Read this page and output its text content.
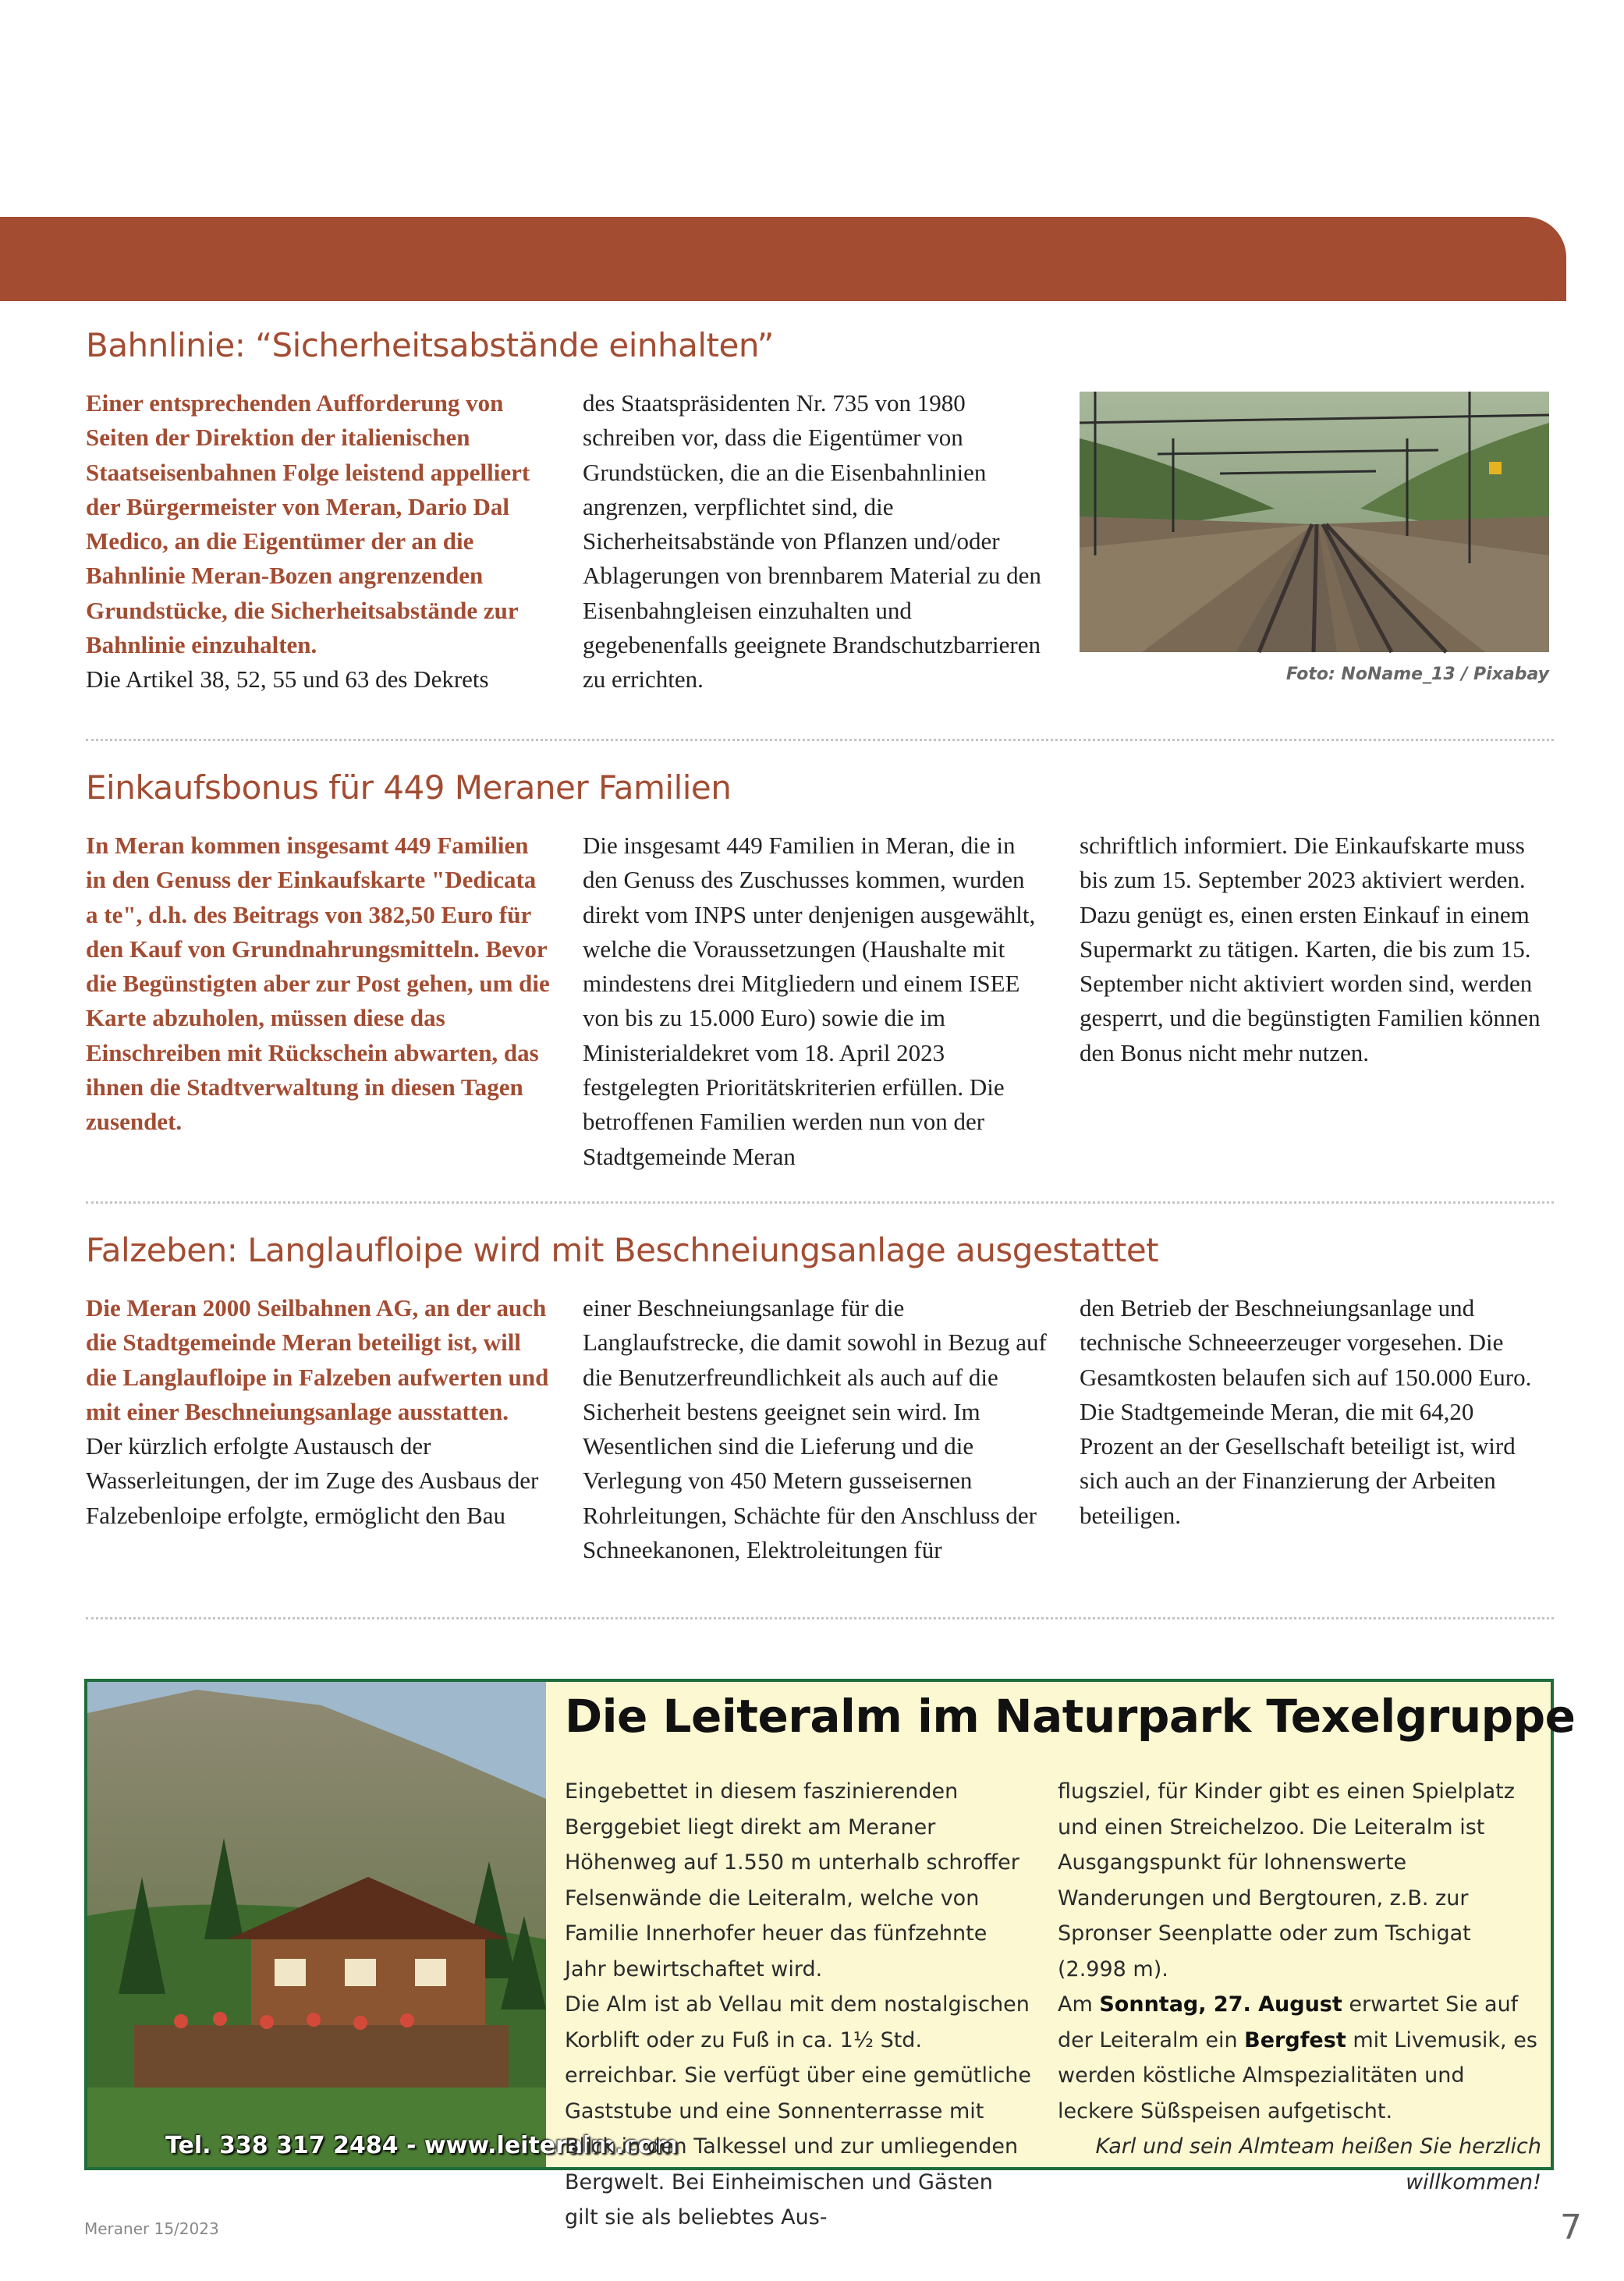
Bahnlinie: “Sicherheitsabstände einhalten”

Einer entsprechenden Aufforderung von Seiten der Direktion der italienischen Staatseisenbahnen Folge leistend appelliert der Bürgermeister von Meran, Dario Dal Medico, an die Eigentümer der an die Bahnlinie Meran-Bozen angrenzenden Grundstücke, die Sicherheitsabstände zur Bahnlinie einzuhalten.
Die Artikel 38, 52, 55 und 63 des Dekrets

des Staatspräsidenten Nr. 735 von 1980 schreiben vor, dass die Eigentümer von Grundstücken, die an die Eisenbahnlinien angrenzen, verpflichtet sind, die Sicherheitsabstände von Pflanzen und/oder Ablagerungen von brennbarem Material zu den Eisenbahngleisen einzuhalten und gegebenenfalls geeignete Brandschutzbarrieren zu errichten.	Foto: NoName_13 / Pixabay

Einkaufsbonus für 449 Meraner Familien

In Meran kommen insgesamt 449 Familien in den Genuss der Einkaufskarte "Dedicata a te", d.h. des Beitrags von 382,50 Euro für den Kauf von Grundnahrungsmitteln. Bevor die Begünstigten aber zur Post gehen, um die Karte abzuholen, müssen diese das Einschreiben mit Rückschein abwarten, das ihnen die Stadtverwaltung in diesen Tagen zusendet.

Die insgesamt 449 Familien in Meran, die in den Genuss des Zuschusses kommen, wurden direkt vom INPS unter denjenigen ausgewählt, welche die Voraussetzungen (Haushalte mit mindestens drei Mitgliedern und einem ISEE von bis zu 15.000 Euro) sowie die im Ministerialdekret vom 18. April 2023 festgelegten Prioritätskriterien erfüllen. Die betroffenen Familien werden nun von der Stadtgemeinde Meran

schriftlich informiert. Die Einkaufskarte muss bis zum 15. September 2023 aktiviert werden. Dazu genügt es, einen ersten Einkauf in einem Supermarkt zu tätigen. Karten, die bis zum 15. September nicht aktiviert worden sind, werden gesperrt, und die begünstigten Familien können den Bonus nicht mehr nutzen.

Falzeben: Langlaufloipe wird mit Beschneiungsanlage ausgestattet

Die Meran 2000 Seilbahnen AG, an der auch die Stadtgemeinde Meran beteiligt ist, will die Langlaufloipe in Falzeben aufwerten und mit einer Beschneiungsanlage ausstatten.
Der kürzlich erfolgte Austausch der Wasserleitungen, der im Zuge des Ausbaus der Falzebenloipe erfolgte, ermöglicht den Bau

einer Beschneiungsanlage für die Langlaufstrecke, die damit sowohl in Bezug auf die Benutzerfreundlichkeit als auch auf die Sicherheit bestens geeignet sein wird. Im Wesentlichen sind die Lieferung und die Verlegung von 450 Metern gusseisernen Rohrleitungen, Schächte für den Anschluss der Schneekanonen, Elektroleitungen für

den Betrieb der Beschneiungsanlage und technische Schneeerzeuger vorgesehen. Die Gesamtkosten belaufen sich auf 150.000 Euro. Die Stadtgemeinde Meran, die mit 64,20 Prozent an der Gesellschaft beteiligt ist, wird sich auch an der Finanzierung der Arbeiten beteiligen.

Tel. 338 317 2484 - www.leiteralm.com

Die Leiteralm im Naturpark Texelgruppe

Eingebettet in diesem faszinierenden Berggebiet liegt direkt am Meraner Höhenweg auf 1.550 m unterhalb schroffer Felsenwände die Leiteralm, welche von Familie Innerhofer heuer das fünfzehnte Jahr bewirtschaftet wird.
Die Alm ist ab Vellau mit dem nostalgischen Korblift oder zu Fuß in ca. 1½ Std. erreichbar. Sie verfügt über eine gemütliche Gaststube und eine Sonnenterrasse mit Blick in den Talkessel und zur umliegenden Bergwelt. Bei Einheimischen und Gästen gilt sie als beliebtes Aus-

flugsziel, für Kinder gibt es einen Spielplatz und einen Streichelzoo. Die Leiteralm ist Ausgangspunkt für lohnenswerte Wanderungen und Bergtouren, z.B. zur Spronser Seenplatte oder zum Tschigat (2.998 m).
Am Sonntag, 27. August erwartet Sie auf der Leiteralm ein Bergfest mit Livemusik, es werden köstliche Almspezialitäten und leckere Süßspeisen aufgetischt.
Karl und sein Almteam heißen Sie herzlich willkommen!

Meraner 15/2023	7
